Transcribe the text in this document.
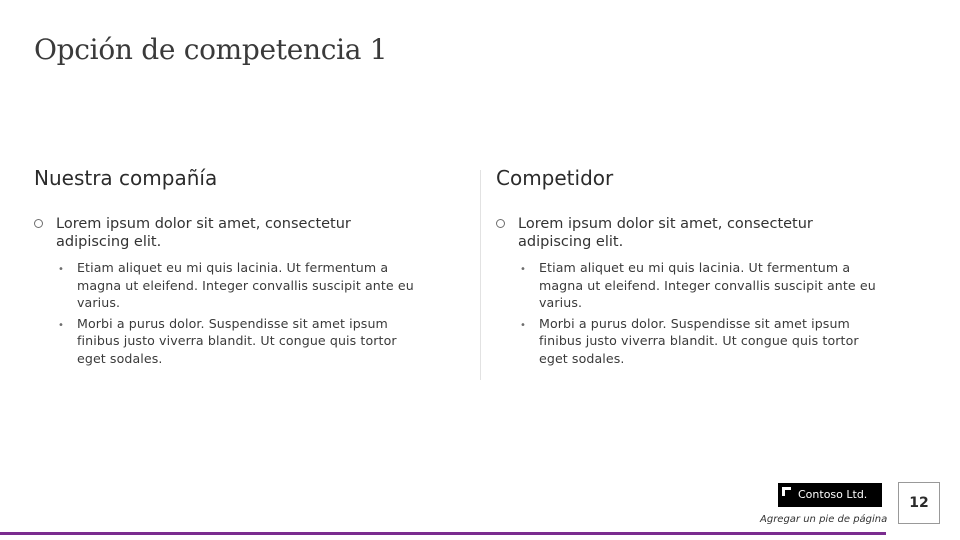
Opción de competencia 1
Nuestra compañía
Lorem ipsum dolor sit amet, consectetur adipiscing elit.
• Etiam aliquet eu mi quis lacinia. Ut fermentum a magna ut eleifend. Integer convallis suscipit ante eu varius.
• Morbi a purus dolor. Suspendisse sit amet ipsum finibus justo viverra blandit. Ut congue quis tortor eget sodales.
Competidor
Lorem ipsum dolor sit amet, consectetur adipiscing elit.
• Etiam aliquet eu mi quis lacinia. Ut fermentum a magna ut eleifend. Integer convallis suscipit ante eu varius.
• Morbi a purus dolor. Suspendisse sit amet ipsum finibus justo viverra blandit. Ut congue quis tortor eget sodales.
Contoso Ltd.
Agregar un pie de página
12
